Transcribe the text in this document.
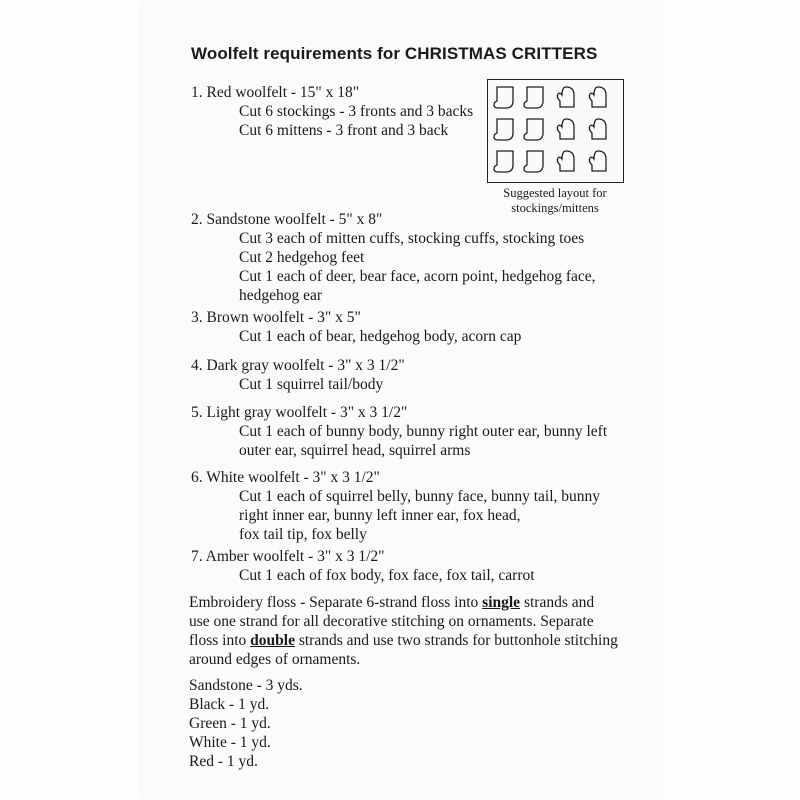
Woolfelt requirements for CHRISTMAS CRITTERS
1. Red woolfelt - 15" x 18"
Cut 6 stockings - 3 fronts and 3 backs
Cut 6 mittens - 3 front and 3 back
2. Sandstone woolfelt - 5" x 8"
Cut 3 each of mitten cuffs, stocking cuffs, stocking toes
Cut 2 hedgehog feet
Cut 1 each of deer, bear face, acorn point, hedgehog face,
hedgehog ear
3. Brown woolfelt - 3" x 5"
Cut 1 each of bear, hedgehog body, acorn cap
4. Dark gray woolfelt - 3" x 3 1/2"
Cut 1 squirrel tail/body
5. Light gray woolfelt - 3" x 3 1/2"
Cut 1 each of bunny body, bunny right outer ear, bunny left
outer ear, squirrel head, squirrel arms
6. White woolfelt - 3" x 3 1/2"
Cut 1 each of squirrel belly, bunny face, bunny tail, bunny
right inner ear, bunny left inner ear, fox head,
fox tail tip, fox belly
7. Amber woolfelt - 3" x 3 1/2"
Cut 1 each of fox body, fox face, fox tail, carrot
Suggested layout for
stockings/mittens
Embroidery floss - Separate 6-strand floss into single strands and
use one strand for all decorative stitching on ornaments. Separate
floss into double strands and use two strands for buttonhole stitching
around edges of ornaments.
Sandstone - 3 yds.
Black - 1 yd.
Green - 1 yd.
White - 1 yd.
Red - 1 yd.
